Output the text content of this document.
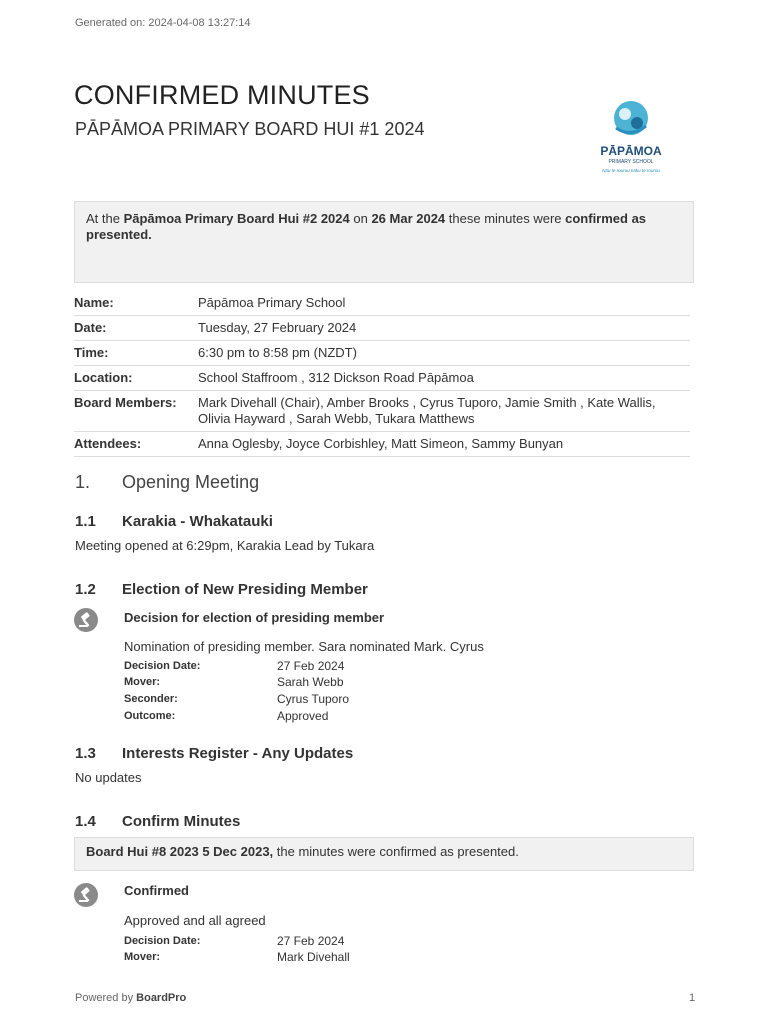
Generated on: 2024-04-08 13:27:14
CONFIRMED MINUTES
PĀPĀMOA PRIMARY BOARD HUI #1 2024
PĀPĀMOA
PRIMARY SCHOOL
Nāu te rourou nāku te rourou
At the Pāpāmoa Primary Board Hui #2 2024 on 26 Mar 2024 these minutes were confirmed as presented.
Name:	Pāpāmoa Primary School
Date:	Tuesday, 27 February 2024
Time:	6:30 pm to 8:58 pm (NZDT)
Location:	School Staffroom , 312 Dickson Road Pāpāmoa
Board Members:	Mark Divehall (Chair), Amber Brooks , Cyrus Tuporo, Jamie Smith , Kate Wallis, Olivia Hayward , Sarah Webb, Tukara Matthews
Attendees:	Anna Oglesby, Joyce Corbishley, Matt Simeon, Sammy Bunyan
1. Opening Meeting
1.1 Karakia - Whakatauki
Meeting opened at 6:29pm, Karakia Lead by Tukara
1.2 Election of New Presiding Member
Decision for election of presiding member
Nomination of presiding member. Sara nominated Mark. Cyrus
Decision Date:	27 Feb 2024
Mover:	Sarah Webb
Seconder:	Cyrus Tuporo
Outcome:	Approved
1.3 Interests Register - Any Updates
No updates
1.4 Confirm Minutes
Board Hui #8 2023 5 Dec 2023, the minutes were confirmed as presented.
Confirmed
Approved and all agreed
Decision Date:	27 Feb 2024
Mover:	Mark Divehall
Powered by BoardPro	1
